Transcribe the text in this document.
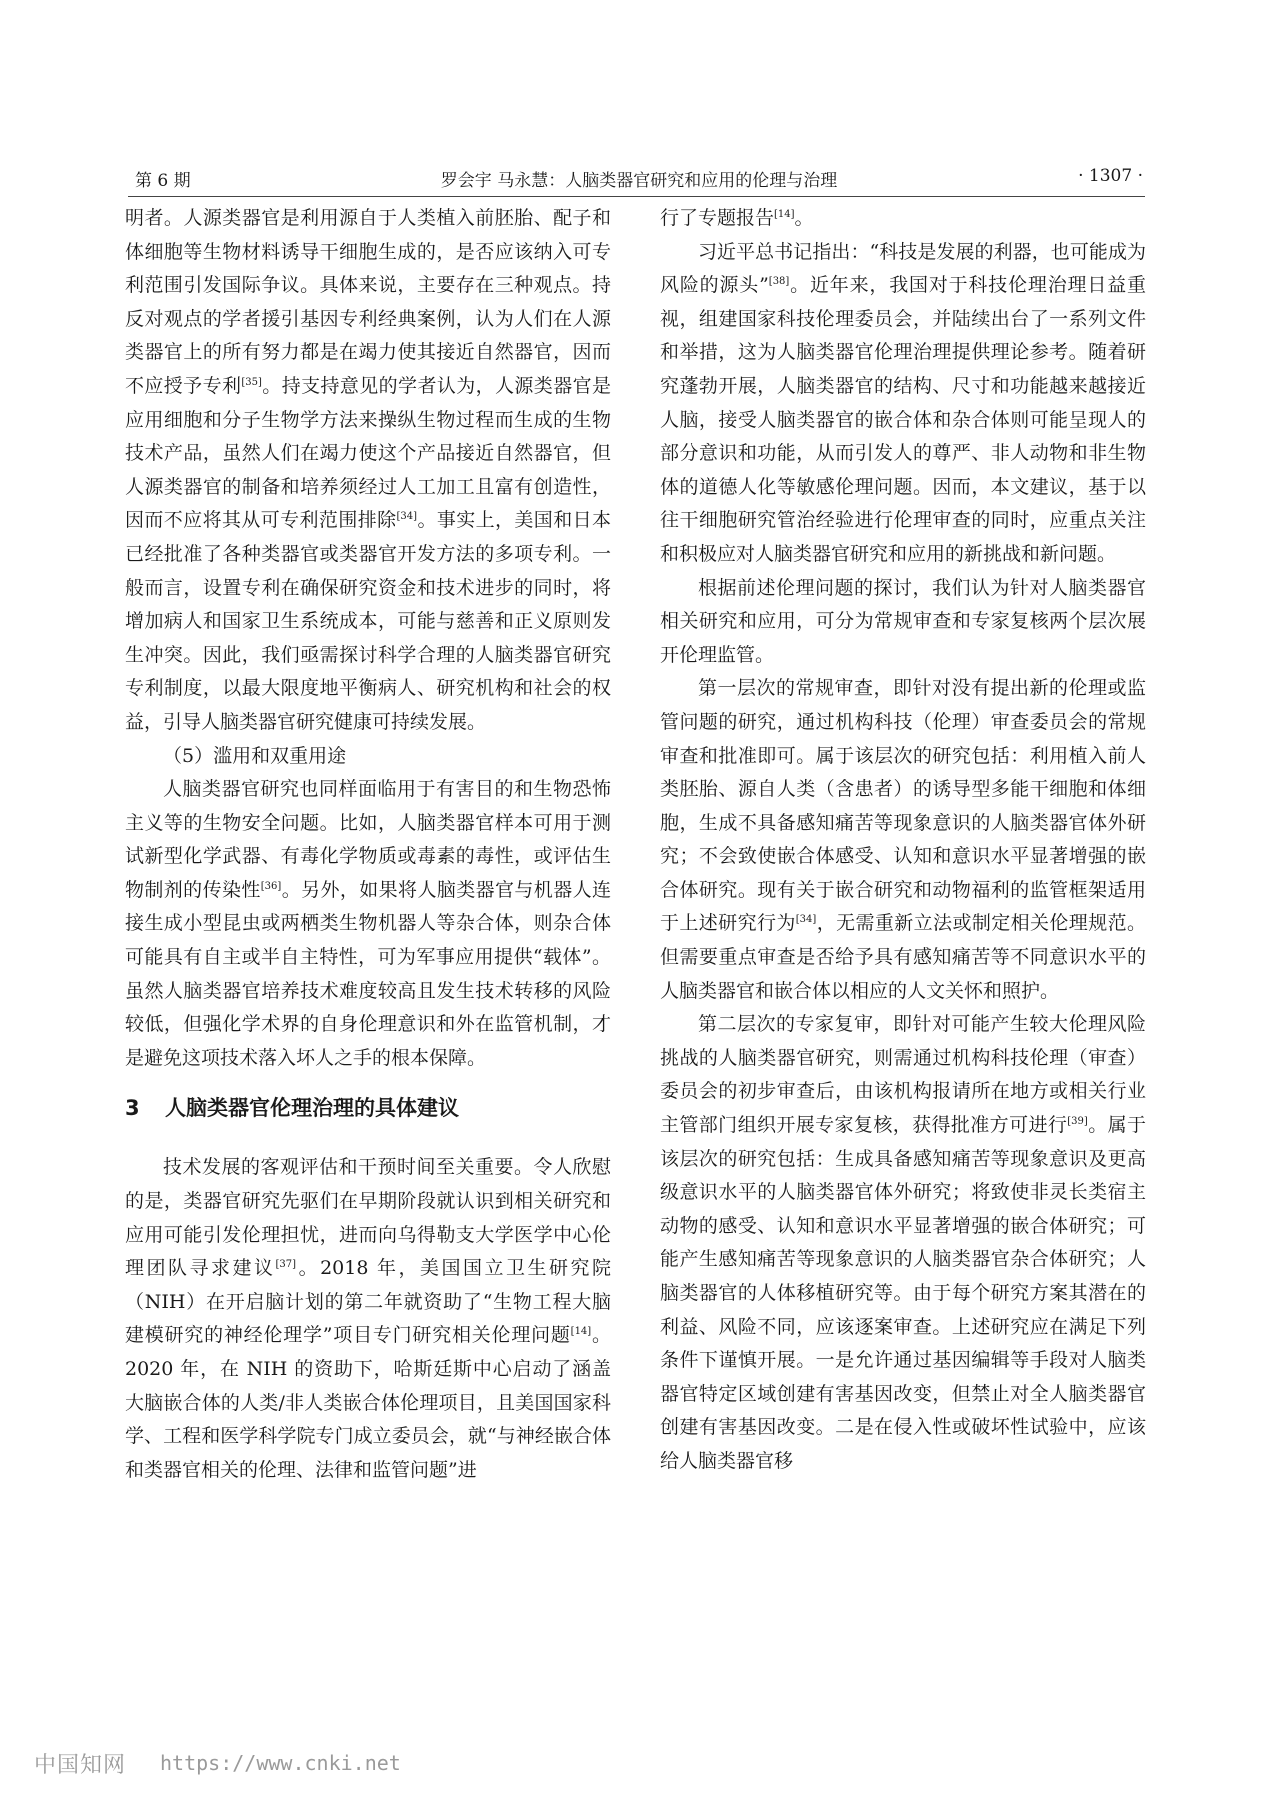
第 6 期	罗会宇 马永慧：人脑类器官研究和应用的伦理与治理	· 1307 ·

明者。人源类器官是利用源自于人类植入前胚胎、配子和体细胞等生物材料诱导干细胞生成的，是否应该纳入可专利范围引发国际争议。具体来说，主要存在三种观点。持反对观点的学者援引基因专利经典案例，认为人们在人源类器官上的所有努力都是在竭力使其接近自然器官，因而不应授予专利[35]。持支持意见的学者认为，人源类器官是应用细胞和分子生物学方法来操纵生物过程而生成的生物技术产品，虽然人们在竭力使这个产品接近自然器官，但人源类器官的制备和培养须经过人工加工且富有创造性，因而不应将其从可专利范围排除[34]。事实上，美国和日本已经批准了各种类器官或类器官开发方法的多项专利。一般而言，设置专利在确保研究资金和技术进步的同时，将增加病人和国家卫生系统成本，可能与慈善和正义原则发生冲突。因此，我们亟需探讨科学合理的人脑类器官研究专利制度，以最大限度地平衡病人、研究机构和社会的权益，引导人脑类器官研究健康可持续发展。

（5）滥用和双重用途

人脑类器官研究也同样面临用于有害目的和生物恐怖主义等的生物安全问题。比如，人脑类器官样本可用于测试新型化学武器、有毒化学物质或毒素的毒性，或评估生物制剂的传染性[36]。另外，如果将人脑类器官与机器人连接生成小型昆虫或两栖类生物机器人等杂合体，则杂合体可能具有自主或半自主特性，可为军事应用提供“载体”。虽然人脑类器官培养技术难度较高且发生技术转移的风险较低，但强化学术界的自身伦理意识和外在监管机制，才是避免这项技术落入坏人之手的根本保障。

3 人脑类器官伦理治理的具体建议

技术发展的客观评估和干预时间至关重要。令人欣慰的是，类器官研究先驱们在早期阶段就认识到相关研究和应用可能引发伦理担忧，进而向乌得勒支大学医学中心伦理团队寻求建议[37]。2018 年，美国国立卫生研究院（NIH）在开启脑计划的第二年就资助了“生物工程大脑建模研究的神经伦理学”项目专门研究相关伦理问题[14]。2020 年，在 NIH 的资助下，哈斯廷斯中心启动了涵盖大脑嵌合体的人类/非人类嵌合体伦理项目，且美国国家科学、工程和医学科学院专门成立委员会，就“与神经嵌合体和类器官相关的伦理、法律和监管问题”进

行了专题报告[14]。

习近平总书记指出：“科技是发展的利器，也可能成为风险的源头”[38]。近年来，我国对于科技伦理治理日益重视，组建国家科技伦理委员会，并陆续出台了一系列文件和举措，这为人脑类器官伦理治理提供理论参考。随着研究蓬勃开展，人脑类器官的结构、尺寸和功能越来越接近人脑，接受人脑类器官的嵌合体和杂合体则可能呈现人的部分意识和功能，从而引发人的尊严、非人动物和非生物体的道德人化等敏感伦理问题。因而，本文建议，基于以往干细胞研究管治经验进行伦理审查的同时，应重点关注和积极应对人脑类器官研究和应用的新挑战和新问题。

根据前述伦理问题的探讨，我们认为针对人脑类器官相关研究和应用，可分为常规审查和专家复核两个层次展开伦理监管。

第一层次的常规审查，即针对没有提出新的伦理或监管问题的研究，通过机构科技（伦理）审查委员会的常规审查和批准即可。属于该层次的研究包括：利用植入前人类胚胎、源自人类（含患者）的诱导型多能干细胞和体细胞，生成不具备感知痛苦等现象意识的人脑类器官体外研究；不会致使嵌合体感受、认知和意识水平显著增强的嵌合体研究。现有关于嵌合研究和动物福利的监管框架适用于上述研究行为[34]，无需重新立法或制定相关伦理规范。但需要重点审查是否给予具有感知痛苦等不同意识水平的人脑类器官和嵌合体以相应的人文关怀和照护。

第二层次的专家复审，即针对可能产生较大伦理风险挑战的人脑类器官研究，则需通过机构科技伦理（审查）委员会的初步审查后，由该机构报请所在地方或相关行业主管部门组织开展专家复核，获得批准方可进行[39]。属于该层次的研究包括：生成具备感知痛苦等现象意识及更高级意识水平的人脑类器官体外研究；将致使非灵长类宿主动物的感受、认知和意识水平显著增强的嵌合体研究；可能产生感知痛苦等现象意识的人脑类器官杂合体研究；人脑类器官的人体移植研究等。由于每个研究方案其潜在的利益、风险不同，应该逐案审查。上述研究应在满足下列条件下谨慎开展。一是允许通过基因编辑等手段对人脑类器官特定区域创建有害基因改变，但禁止对全人脑类器官创建有害基因改变。二是在侵入性或破坏性试验中，应该给人脑类器官移

中国知网 https://www.cnki.net
